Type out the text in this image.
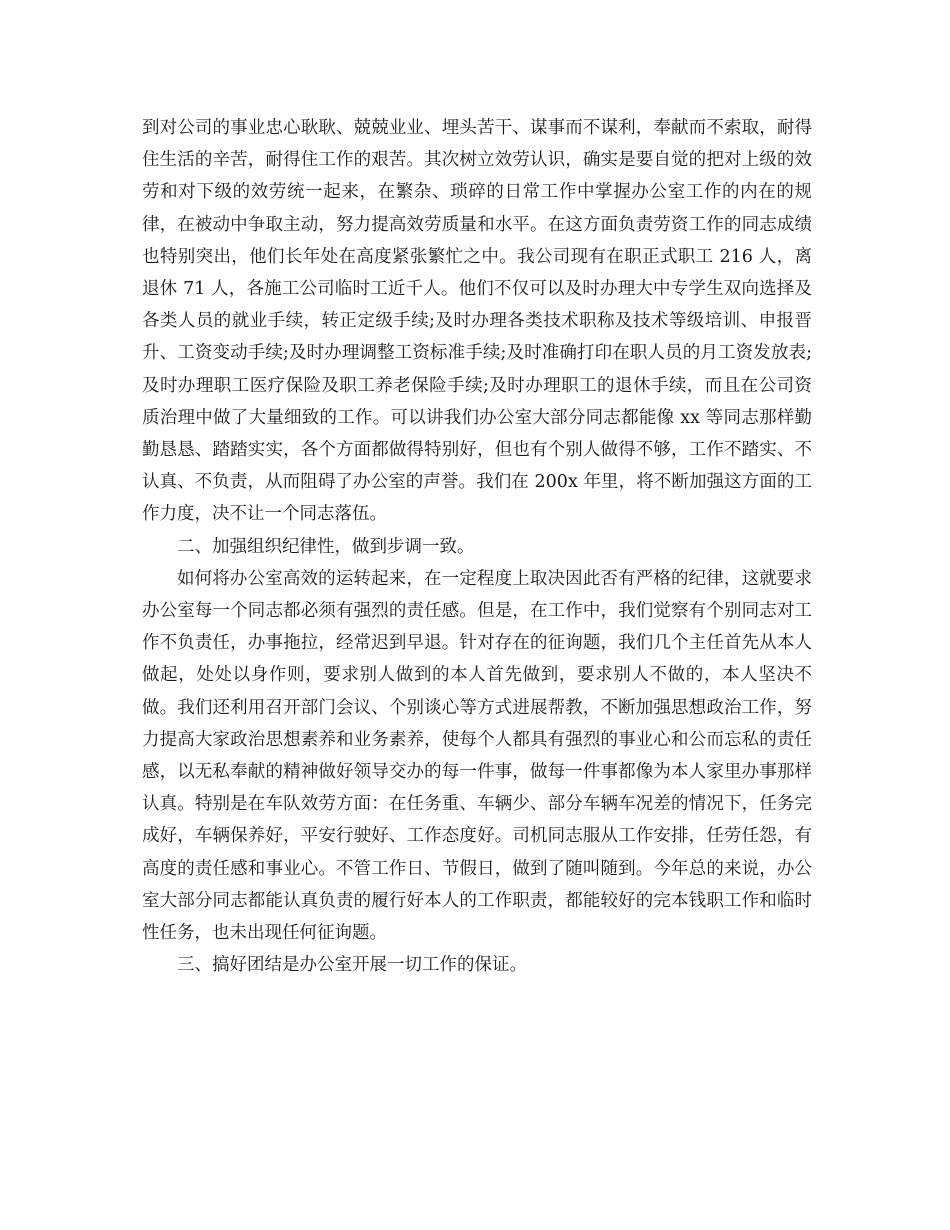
到对公司的事业忠心耿耿、兢兢业业、埋头苦干、谋事而不谋利，奉献而不索取，耐得住生活的辛苦，耐得住工作的艰苦。其次树立效劳认识，确实是要自觉的把对上级的效劳和对下级的效劳统一起来，在繁杂、琐碎的日常工作中掌握办公室工作的内在的规律，在被动中争取主动，努力提高效劳质量和水平。在这方面负责劳资工作的同志成绩也特别突出，他们长年处在高度紧张繁忙之中。我公司现有在职正式职工 216 人，离退休 71 人，各施工公司临时工近千人。他们不仅可以及时办理大中专学生双向选择及各类人员的就业手续，转正定级手续;及时办理各类技术职称及技术等级培训、申报晋升、工资变动手续;及时办理调整工资标准手续;及时准确打印在职人员的月工资发放表;及时办理职工医疗保险及职工养老保险手续;及时办理职工的退休手续，而且在公司资质治理中做了大量细致的工作。可以讲我们办公室大部分同志都能像 xx 等同志那样勤勤恳恳、踏踏实实，各个方面都做得特别好，但也有个别人做得不够，工作不踏实、不认真、不负责，从而阻碍了办公室的声誉。我们在 200x 年里，将不断加强这方面的工作力度，决不让一个同志落伍。

二、加强组织纪律性，做到步调一致。

如何将办公室高效的运转起来，在一定程度上取决因此否有严格的纪律，这就要求办公室每一个同志都必须有强烈的责任感。但是，在工作中，我们觉察有个别同志对工作不负责任，办事拖拉，经常迟到早退。针对存在的征询题，我们几个主任首先从本人做起，处处以身作则，要求别人做到的本人首先做到，要求别人不做的，本人坚决不做。我们还利用召开部门会议、个别谈心等方式进展帮教，不断加强思想政治工作，努力提高大家政治思想素养和业务素养，使每个人都具有强烈的事业心和公而忘私的责任感，以无私奉献的精神做好领导交办的每一件事，做每一件事都像为本人家里办事那样认真。特别是在车队效劳方面：在任务重、车辆少、部分车辆车况差的情况下，任务完成好，车辆保养好，平安行驶好、工作态度好。司机同志服从工作安排，任劳任怨，有高度的责任感和事业心。不管工作日、节假日，做到了随叫随到。今年总的来说，办公室大部分同志都能认真负责的履行好本人的工作职责，都能较好的完本钱职工作和临时性任务，也未出现任何征询题。

三、搞好团结是办公室开展一切工作的保证。
